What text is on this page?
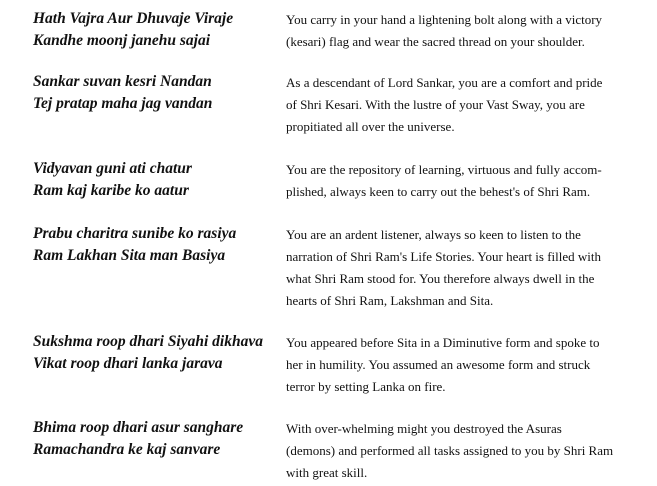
Hath Vajra Aur Dhuvaje Viraje
Kandhe moonj janehu sajai
You carry in your hand a lightening bolt along with a victory
(kesari) flag and wear the sacred thread on your shoulder.
Sankar suvan kesri Nandan
Tej pratap maha jag vandan
As a descendant of Lord Sankar, you are a comfort and pride
of Shri Kesari. With the lustre of your Vast Sway, you are
propitiated all over the universe.
Vidyavan guni ati chatur
Ram kaj karibe ko aatur
You are the repository of learning, virtuous and fully accom-
plished, always keen to carry out the behest's of Shri Ram.
Prabu charitra sunibe ko rasiya
Ram Lakhan Sita man Basiya
You are an ardent listener, always so keen to listen to the
narration of Shri Ram's Life Stories. Your heart is filled with
what Shri Ram stood for. You therefore always dwell in the
hearts of Shri Ram, Lakshman and Sita.
Sukshma roop dhari Siyahi dikhava
Vikat roop dhari lanka jarava
You appeared before Sita in a Diminutive form and spoke to
her in humility. You assumed an awesome form and struck
terror by setting Lanka on fire.
Bhima roop dhari asur sanghare
Ramachandra ke kaj sanvare
With over-whelming might you destroyed the Asuras
(demons) and performed all tasks assigned to you by Shri Ram
with great skill.
